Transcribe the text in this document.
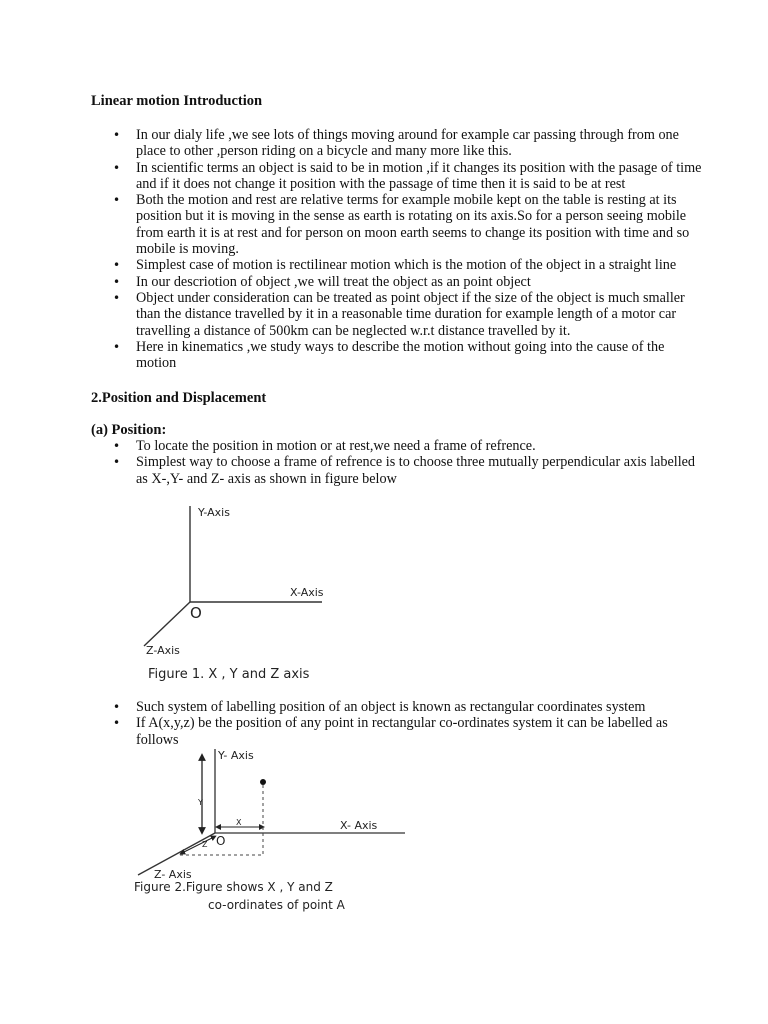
Linear motion Introduction
• In our dialy life ,we see lots of things moving around for example car passing through from one place to other ,person riding on a bicycle and many more like this.
• In scientific terms an object is said to be in motion ,if it changes its position with the pasage of time and if it does not change it position with the passage of time then it is said to be at rest
• Both the motion and rest are relative terms for example mobile kept on the table is resting at its position but it is moving in the sense as earth is rotating on its axis.So for a person seeing mobile from earth it is at rest and for person on moon earth seems to change its position with time and so mobile is moving.
• Simplest case of motion is rectilinear motion which is the motion of the object in a straight line
• In our descriotion of object ,we will treat the object as an point object
• Object under consideration can be treated as point object if the size of the object is much smaller than the distance travelled by it in a reasonable time duration for example length of a motor car travelling a distance of 500km can be neglected w.r.t distance travelled by it.
• Here in kinematics ,we study ways to describe the motion without going into the cause of the motion
2.Position and Displacement
(a) Position:
• To locate the position in motion or at rest,we need a frame of refrence.
• Simplest way to choose a frame of refrence is to choose three mutually perpendicular axis labelled as X-,Y- and Z- axis as shown in figure below
Y-Axis
X-Axis
O
Z-Axis
Figure 1. X , Y and Z axis
• Such system of labelling position of an object is known as rectangular coordinates system
• If A(x,y,z) be the position of any point in rectangular co-ordinates system it can be labelled as follows
Y- Axis
X- Axis
Y
X
Z O
Z- Axis
Figure 2.Figure shows X , Y and Z
co-ordinates of point A
